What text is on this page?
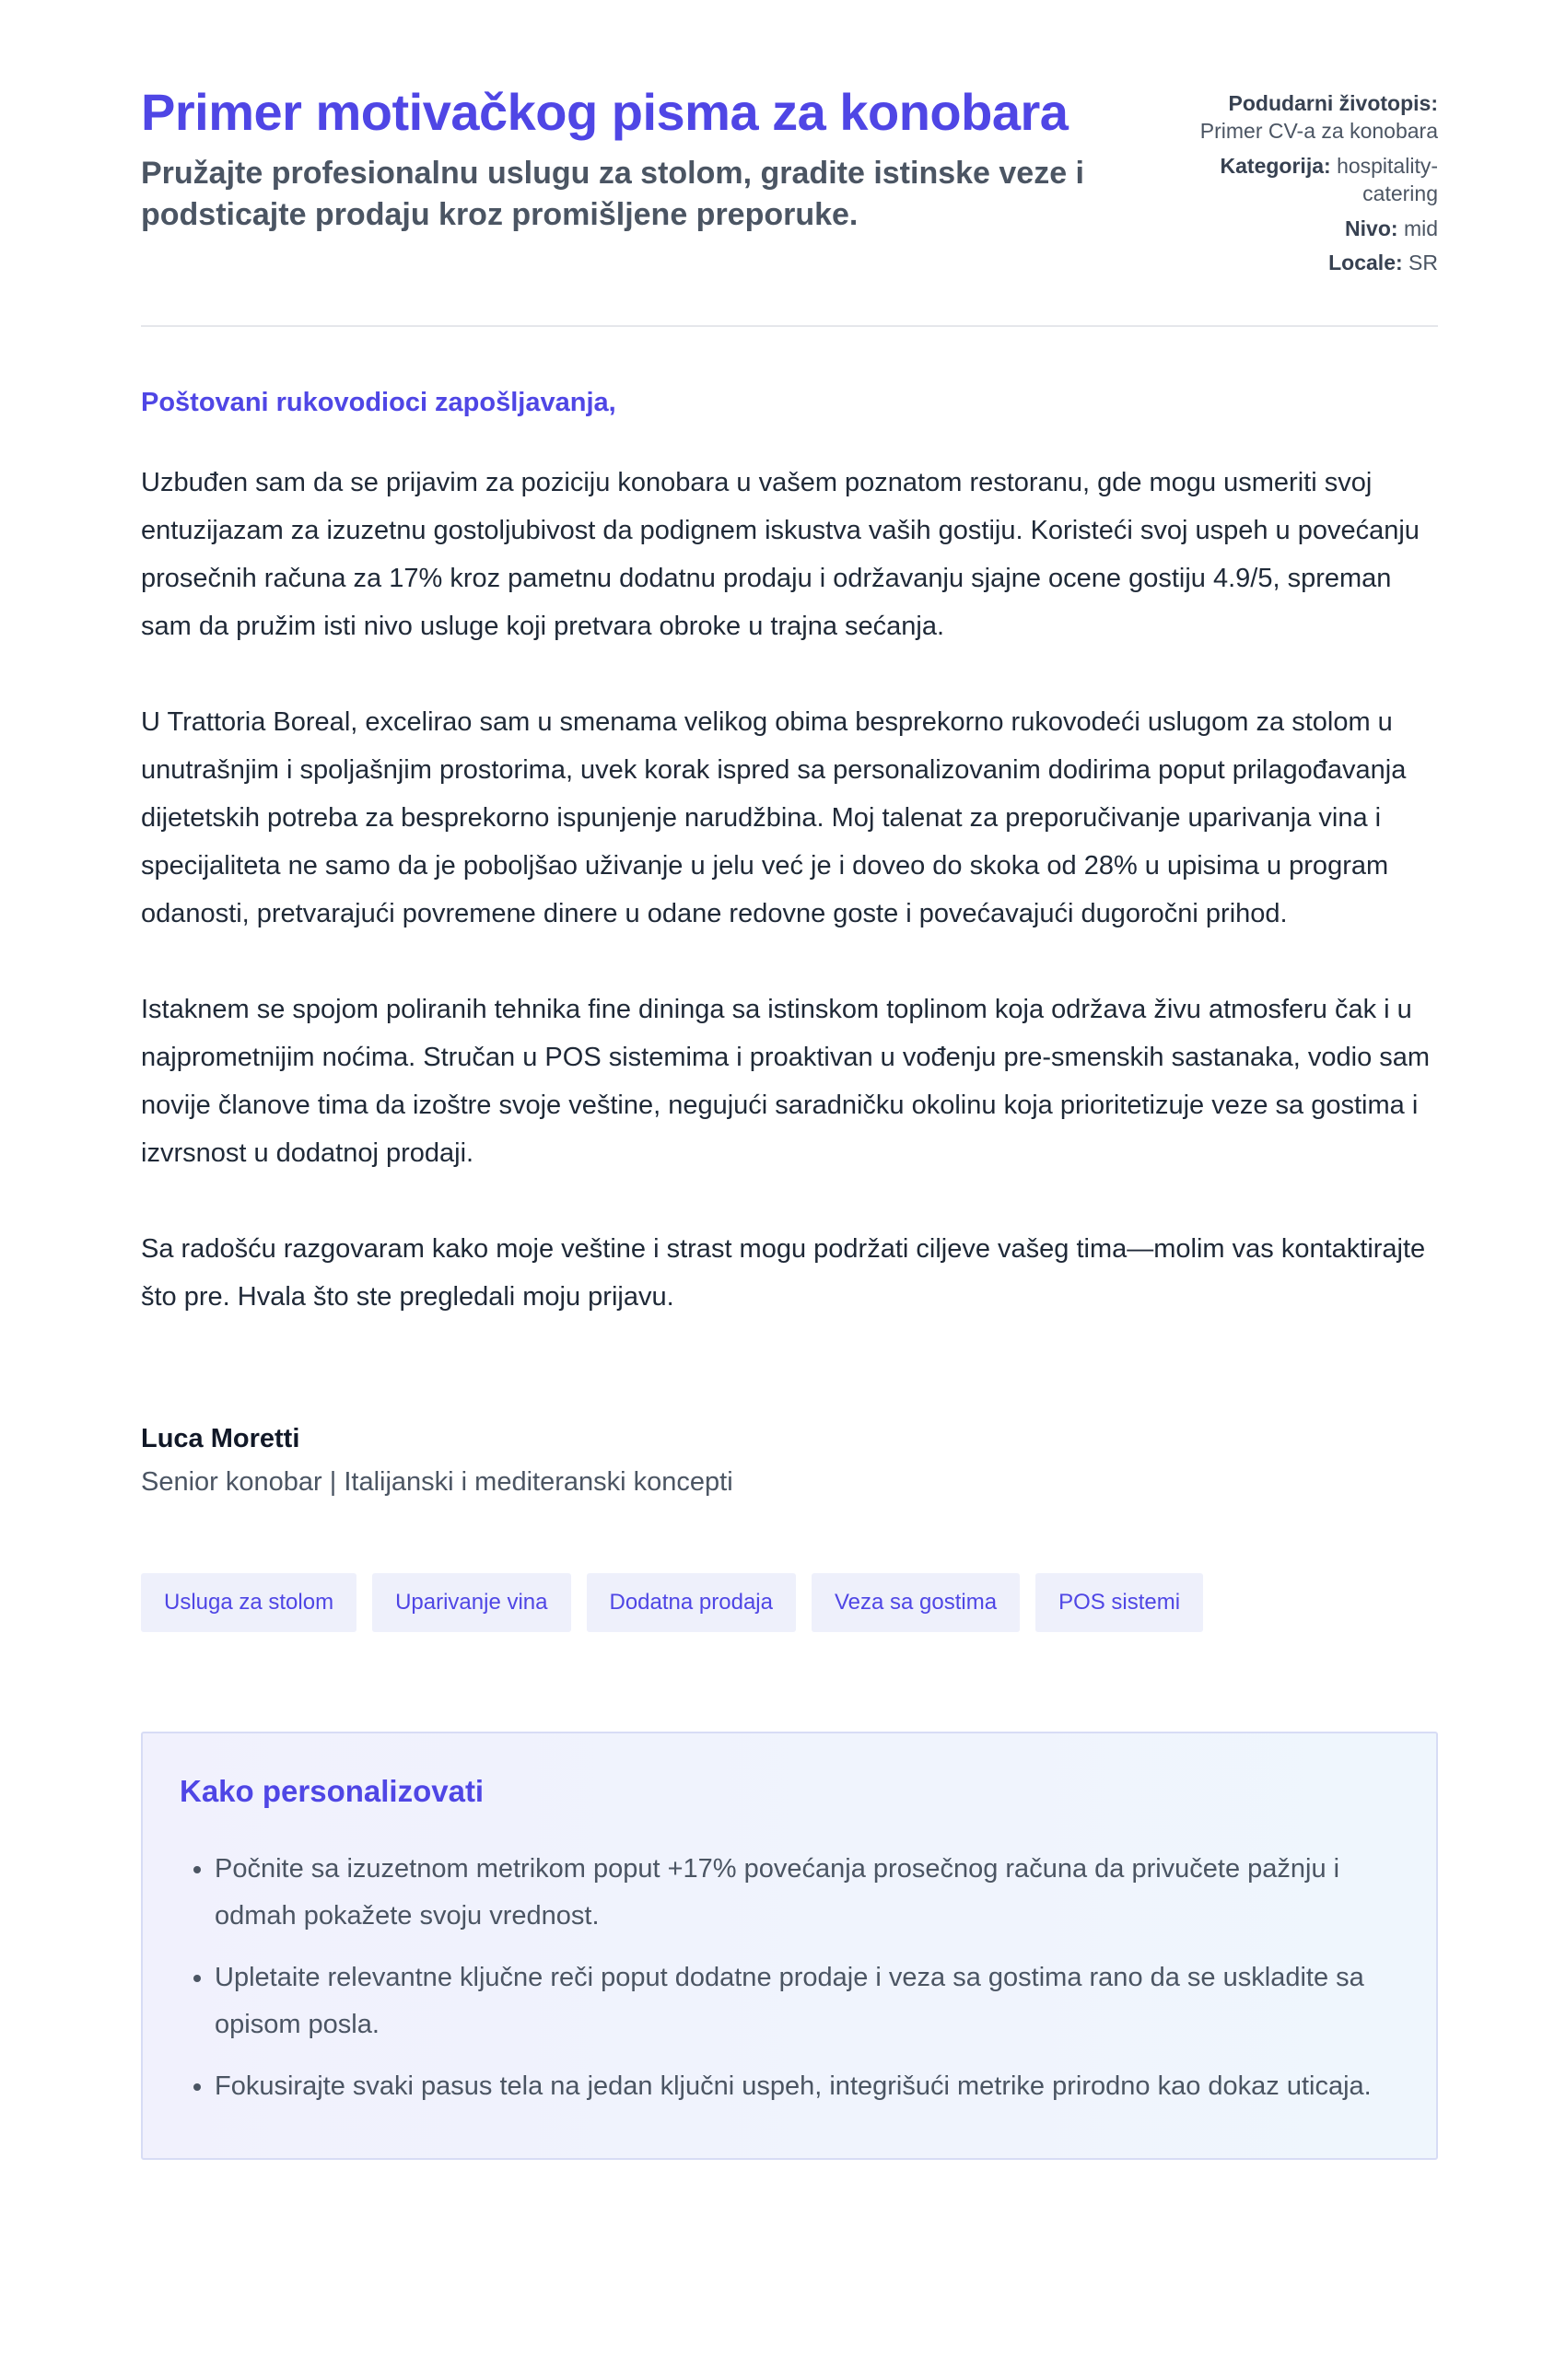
Primer motivačkog pisma za konobara

Pružajte profesionalnu uslugu za stolom, gradite istinske veze i podsticajte prodaju kroz promišljene preporuke.

Podudarni životopis:
Primer CV-a za konobara
Kategorija: hospitality-catering
Nivo: mid
Locale: SR

Poštovani rukovodioci zapošljavanja,

Uzbuđen sam da se prijavim za poziciju konobara u vašem poznatom restoranu, gde mogu usmeriti svoj entuzijazam za izuzetnu gostoljubivost da podignem iskustva vaših gostiju. Koristeći svoj uspeh u povećanju prosečnih računa za 17% kroz pametnu dodatnu prodaju i održavanju sjajne ocene gostiju 4.9/5, spreman sam da pružim isti nivo usluge koji pretvara obroke u trajna sećanja.

U Trattoria Boreal, excelirao sam u smenama velikog obima besprekorno rukovodeći uslugom za stolom u unutrašnjim i spoljašnjim prostorima, uvek korak ispred sa personalizovanim dodirima poput prilagođavanja dijetetskih potreba za besprekorno ispunjenje narudžbina. Moj talenat za preporučivanje uparivanja vina i specijaliteta ne samo da je poboljšao uživanje u jelu već je i doveo do skoka od 28% u upisima u program odanosti, pretvarajući povremene dinere u odane redovne goste i povećavajući dugoročni prihod.

Istaknem se spojom poliranih tehnika fine dininga sa istinskom toplinom koja održava živu atmosferu čak i u najprometnijim noćima. Stručan u POS sistemima i proaktivan u vođenju pre-smenskih sastanaka, vodio sam novije članove tima da izoštre svoje veštine, negujući saradničku okolinu koja prioritetizuje veze sa gostima i izvrsnost u dodatnoj prodaji.

Sa radošću razgovaram kako moje veštine i strast mogu podržati ciljeve vašeg tima—molim vas kontaktirajte što pre. Hvala što ste pregledali moju prijavu.

Luca Moretti

Senior konobar | Italijanski i mediteranski koncepti

Usluga za stolom	Uparivanje vina	Dodatna prodaja	Veza sa gostima	POS sistemi
Kako personalizovati
• Počnite sa izuzetnom metrikom poput +17% povećanja prosečnog računa da privučete pažnju i odmah pokažete svoju vrednost.
• Upletaite relevantne ključne reči poput dodatne prodaje i veza sa gostima rano da se uskladite sa opisom posla.
• Fokusirajte svaki pasus tela na jedan ključni uspeh, integrišući metrike prirodno kao dokaz uticaja.
